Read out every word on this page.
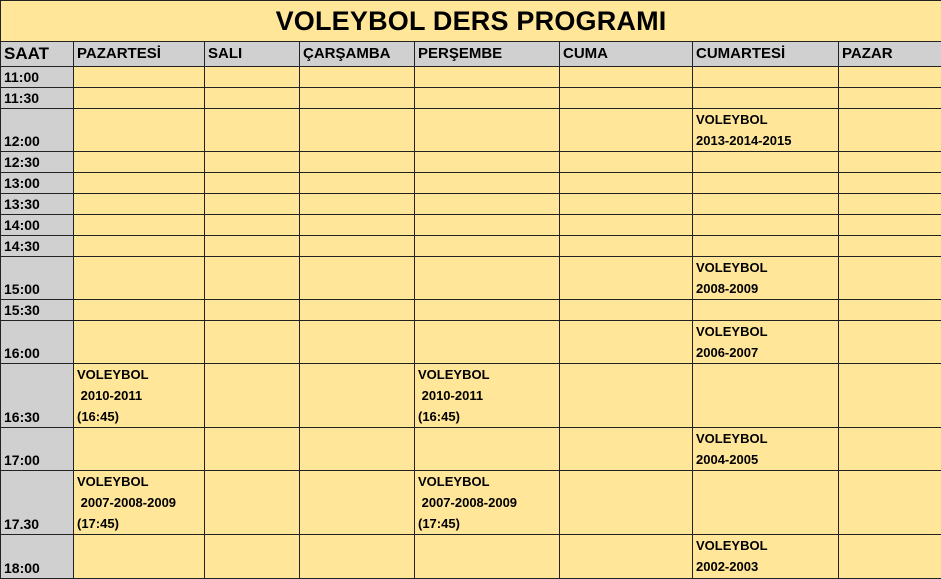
VOLEYBOL DERS PROGRAMI							
SAAT	PAZARTESİ	SALI	ÇARŞAMBA	PERŞEMBE	CUMA	CUMARTESİ	PAZAR
11:00							
11:30							
12:00						VOLEYBOL
2013-2014-2015	

12:30							
13:00							
13:30							
14:00							
14:30							
15:00						VOLEYBOL
2008-2009	

15:30							
16:00						VOLEYBOL
2006-2007	

16:30	VOLEYBOL
2010-2011
(16:45)			VOLEYBOL
2010-2011
(16:45)			

17:00						VOLEYBOL
2004-2005	

17.30	VOLEYBOL
2007-2008-2009
(17:45)			VOLEYBOL
2007-2008-2009
(17:45)			

18:00						VOLEYBOL
2002-2003	
